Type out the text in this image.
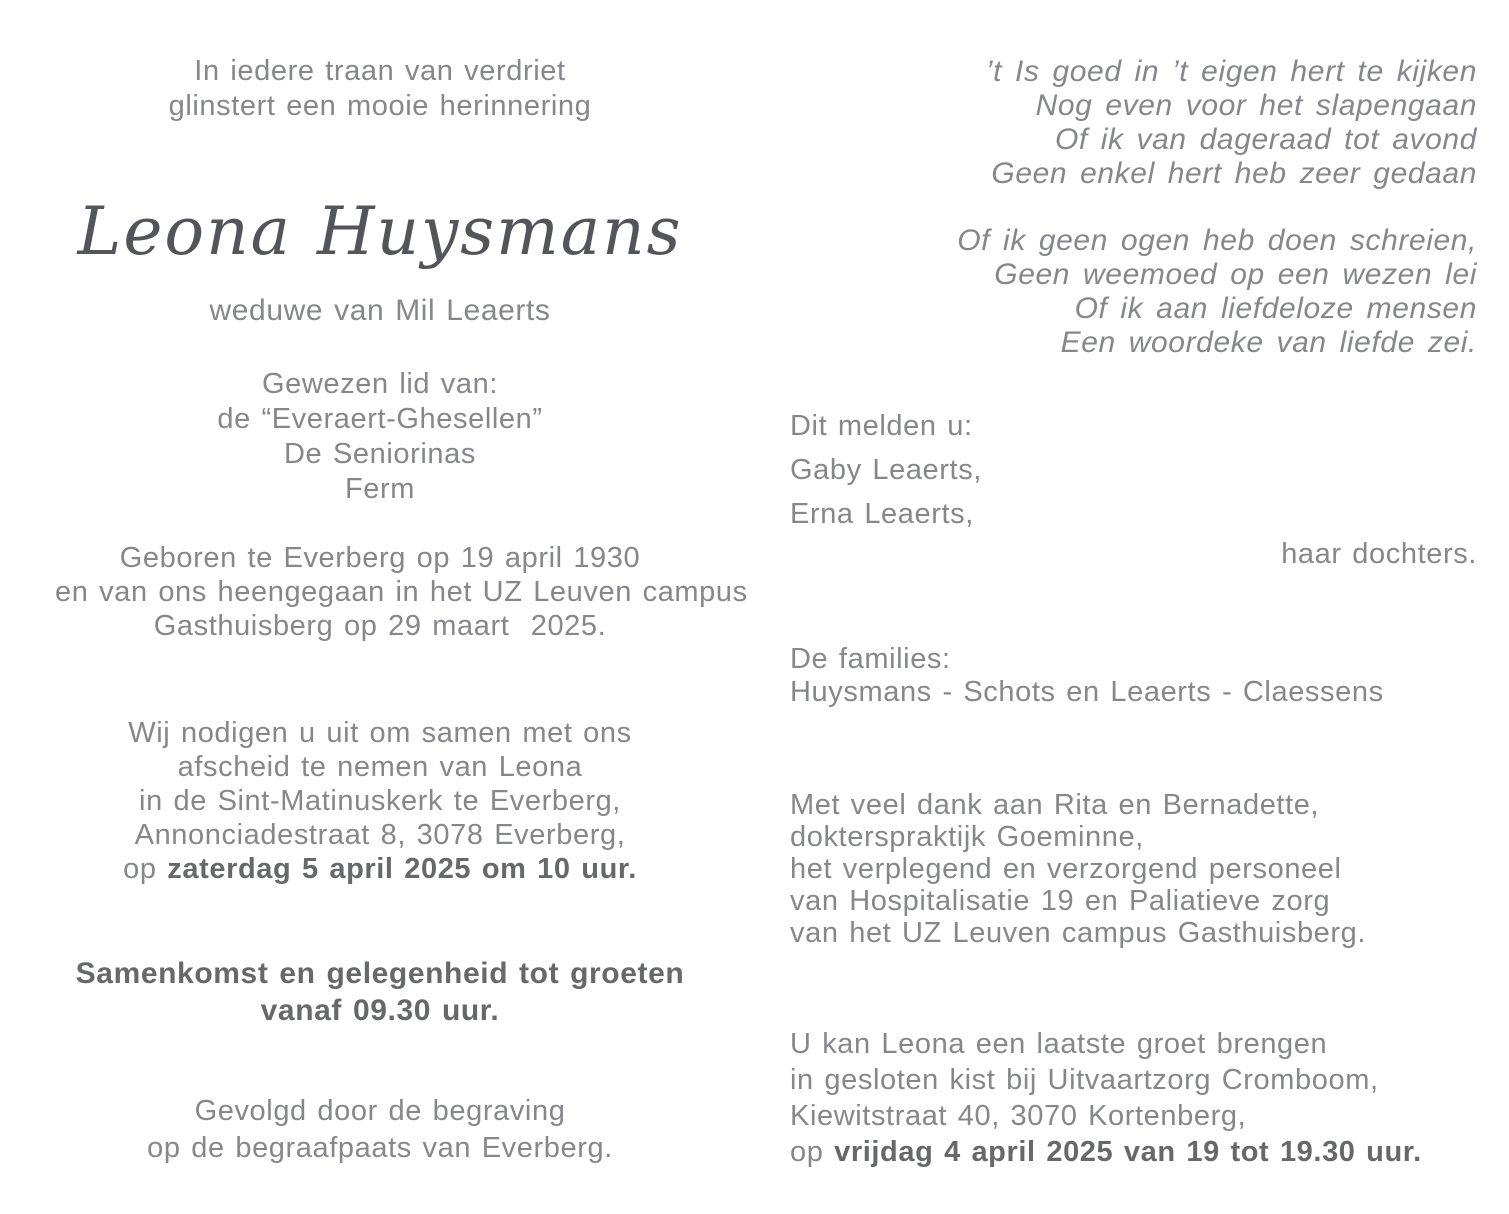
In iedere traan van verdriet
glinstert een mooie herinnering
Leona Huysmans
weduwe van Mil Leaerts
Gewezen lid van:
de “Everaert-Ghesellen”
De Seniorinas
Ferm
Geboren te Everberg op 19 april 1930
en van ons heengegaan in het UZ Leuven campus
Gasthuisberg op 29 maart  2025.
Wij nodigen u uit om samen met ons
afscheid te nemen van Leona
in de Sint-Matinuskerk te Everberg,
Annonciadestraat 8, 3078 Everberg,
op zaterdag 5 april 2025 om 10 uur.
Samenkomst en gelegenheid tot groeten
vanaf 09.30 uur.
Gevolgd door de begraving
op de begraafpaats van Everberg.
’t Is goed in ’t eigen hert te kijken
Nog even voor het slapengaan
Of ik van dageraad tot avond
Geen enkel hert heb zeer gedaan
Of ik geen ogen heb doen schreien,
Geen weemoed op een wezen lei
Of ik aan liefdeloze mensen
Een woordeke van liefde zei.
Dit melden u:
Gaby Leaerts,
Erna Leaerts,
haar dochters.
De families:
Huysmans - Schots en Leaerts - Claessens
Met veel dank aan Rita en Bernadette,
dokterspraktijk Goeminne,
het verplegend en verzorgend personeel
van Hospitalisatie 19 en Paliatieve zorg
van het UZ Leuven campus Gasthuisberg.
U kan Leona een laatste groet brengen
in gesloten kist bij Uitvaartzorg Cromboom,
Kiewitstraat 40, 3070 Kortenberg,
op vrijdag 4 april 2025 van 19 tot 19.30 uur.
